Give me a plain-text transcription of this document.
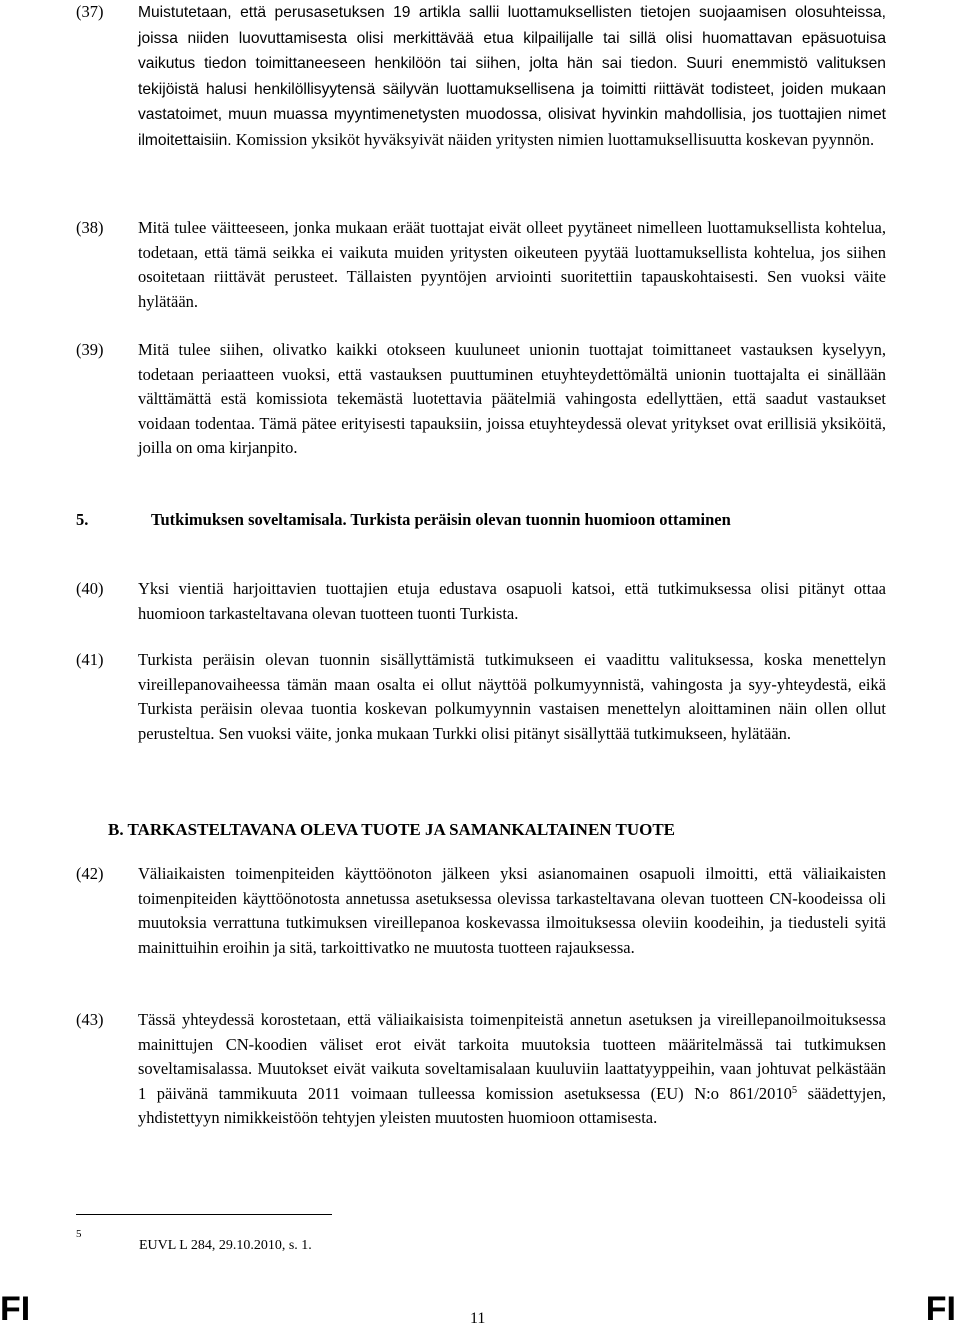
(37) Muistutetaan, että perusasetuksen 19 artikla sallii luottamuksellisten tietojen suojaamisen olosuhteissa, joissa niiden luovuttamisesta olisi merkittävää etua kilpailijalle tai sillä olisi huomattavan epäsuotuisa vaikutus tiedon toimittaneeseen henkilöön tai siihen, jolta hän sai tiedon. Suuri enemmistö valituksen tekijöistä halusi henkilöllisyytensä säilyvän luottamuksellisena ja toimitti riittävät todisteet, joiden mukaan vastatoimet, muun muassa myyntimenetysten muodossa, olisivat hyvinkin mahdollisia, jos tuottajien nimet ilmoitettaisiin. Komission yksiköt hyväksyivät näiden yritysten nimien luottamuksellisuutta koskevan pyynnön.
(38) Mitä tulee väitteeseen, jonka mukaan eräät tuottajat eivät olleet pyytäneet nimelleen luottamuksellista kohtelua, todetaan, että tämä seikka ei vaikuta muiden yritysten oikeuteen pyytää luottamuksellista kohtelua, jos siihen osoitetaan riittävät perusteet. Tällaisten pyyntöjen arviointi suoritettiin tapauskohtaisesti. Sen vuoksi väite hylätään.
(39) Mitä tulee siihen, olivatko kaikki otokseen kuuluneet unionin tuottajat toimittaneet vastauksen kyselyyn, todetaan periaatteen vuoksi, että vastauksen puuttuminen etuyhteydettömältä unionin tuottajalta ei sinällään välttämättä estä komissiota tekemästä luotettavia päätelmiä vahingosta edellyttäen, että saadut vastaukset voidaan todentaa. Tämä pätee erityisesti tapauksiin, joissa etuyhteydessä olevat yritykset ovat erillisiä yksiköitä, joilla on oma kirjanpito.
5.	Tutkimuksen soveltamisala. Turkista peräisin olevan tuonnin huomioon ottaminen
(40) Yksi vientiä harjoittavien tuottajien etuja edustava osapuoli katsoi, että tutkimuksessa olisi pitänyt ottaa huomioon tarkasteltavana olevan tuotteen tuonti Turkista.
(41) Turkista peräisin olevan tuonnin sisällyttämistä tutkimukseen ei vaadittu valituksessa, koska menettelyn vireillepanovaiheessa tämän maan osalta ei ollut näyttöä polkumyynnistä, vahingosta ja syy-yhteydestä, eikä Turkista peräisin olevaa tuontia koskevan polkumyynnin vastaisen menettelyn aloittaminen näin ollen ollut perusteltua. Sen vuoksi väite, jonka mukaan Turkki olisi pitänyt sisällyttää tutkimukseen, hylätään.
B. TARKASTELTAVANA OLEVA TUOTE JA SAMANKALTAINEN TUOTE
(42) Väliaikaisten toimenpiteiden käyttöönoton jälkeen yksi asianomainen osapuoli ilmoitti, että väliaikaisten toimenpiteiden käyttöönotosta annetussa asetuksessa olevissa tarkasteltavana olevan tuotteen CN-koodeissa oli muutoksia verrattuna tutkimuksen vireillepanoa koskevassa ilmoituksessa oleviin koodeihin, ja tiedusteli syitä mainittuihin eroihin ja sitä, tarkoittivatko ne muutosta tuotteen rajauksessa.
(43) Tässä yhteydessä korostetaan, että väliaikaisista toimenpiteistä annetun asetuksen ja vireillepanoilmoituksessa mainittujen CN-koodien väliset erot eivät tarkoita muutoksia tuotteen määritelmässä tai tutkimuksen soveltamisalassa. Muutokset eivät vaikuta soveltamisalaan kuuluviin laattatyyppeihin, vaan johtuvat pelkästään 1 päivänä tammikuuta 2011 voimaan tulleessa komission asetuksessa (EU) N:o 861/2010$^5$ säädettyjen, yhdistettyyn nimikkeistöön tehtyjen yleisten muutosten huomioon ottamisesta.
5
EUVL L 284, 29.10.2010, s. 1.
FI	11	FI
